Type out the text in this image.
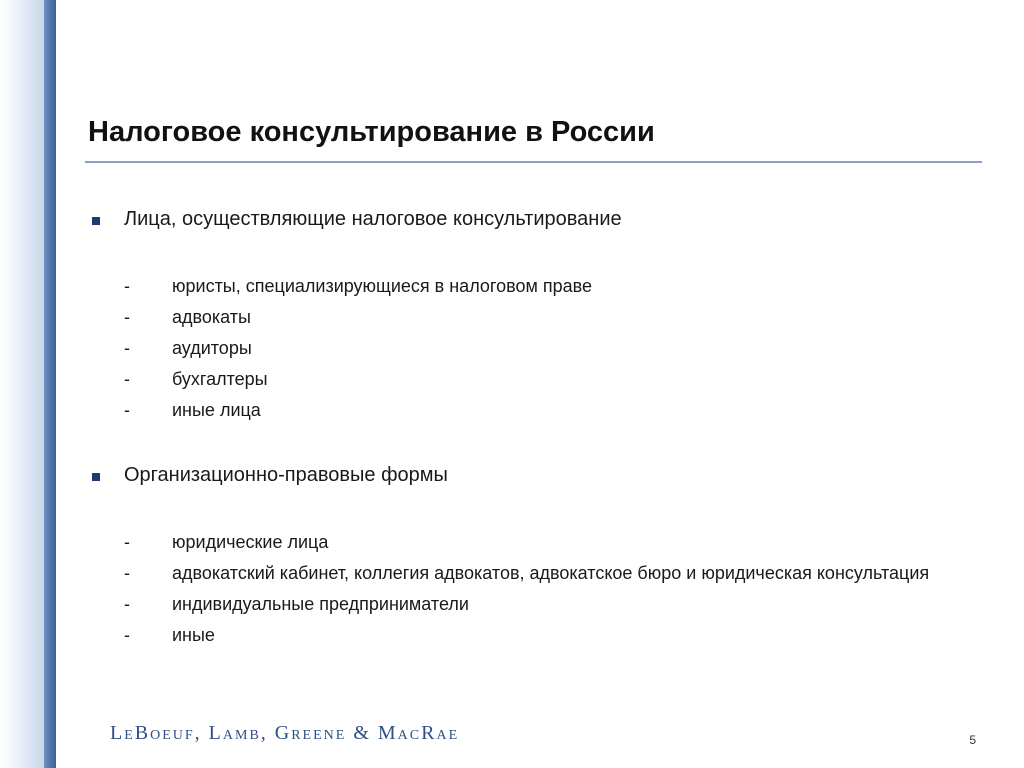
Налоговое консультирование в России
Лица, осуществляющие налоговое консультирование
- юристы, специализирующиеся в налоговом праве
- адвокаты
- аудиторы
- бухгалтеры
- иные лица
Организационно-правовые формы
- юридические лица
- адвокатский кабинет, коллегия адвокатов, адвокатское бюро и юридическая консультация
- индивидуальные предприниматели
- иные
LeBoeuf, Lamb, Greene & MacRae	5
